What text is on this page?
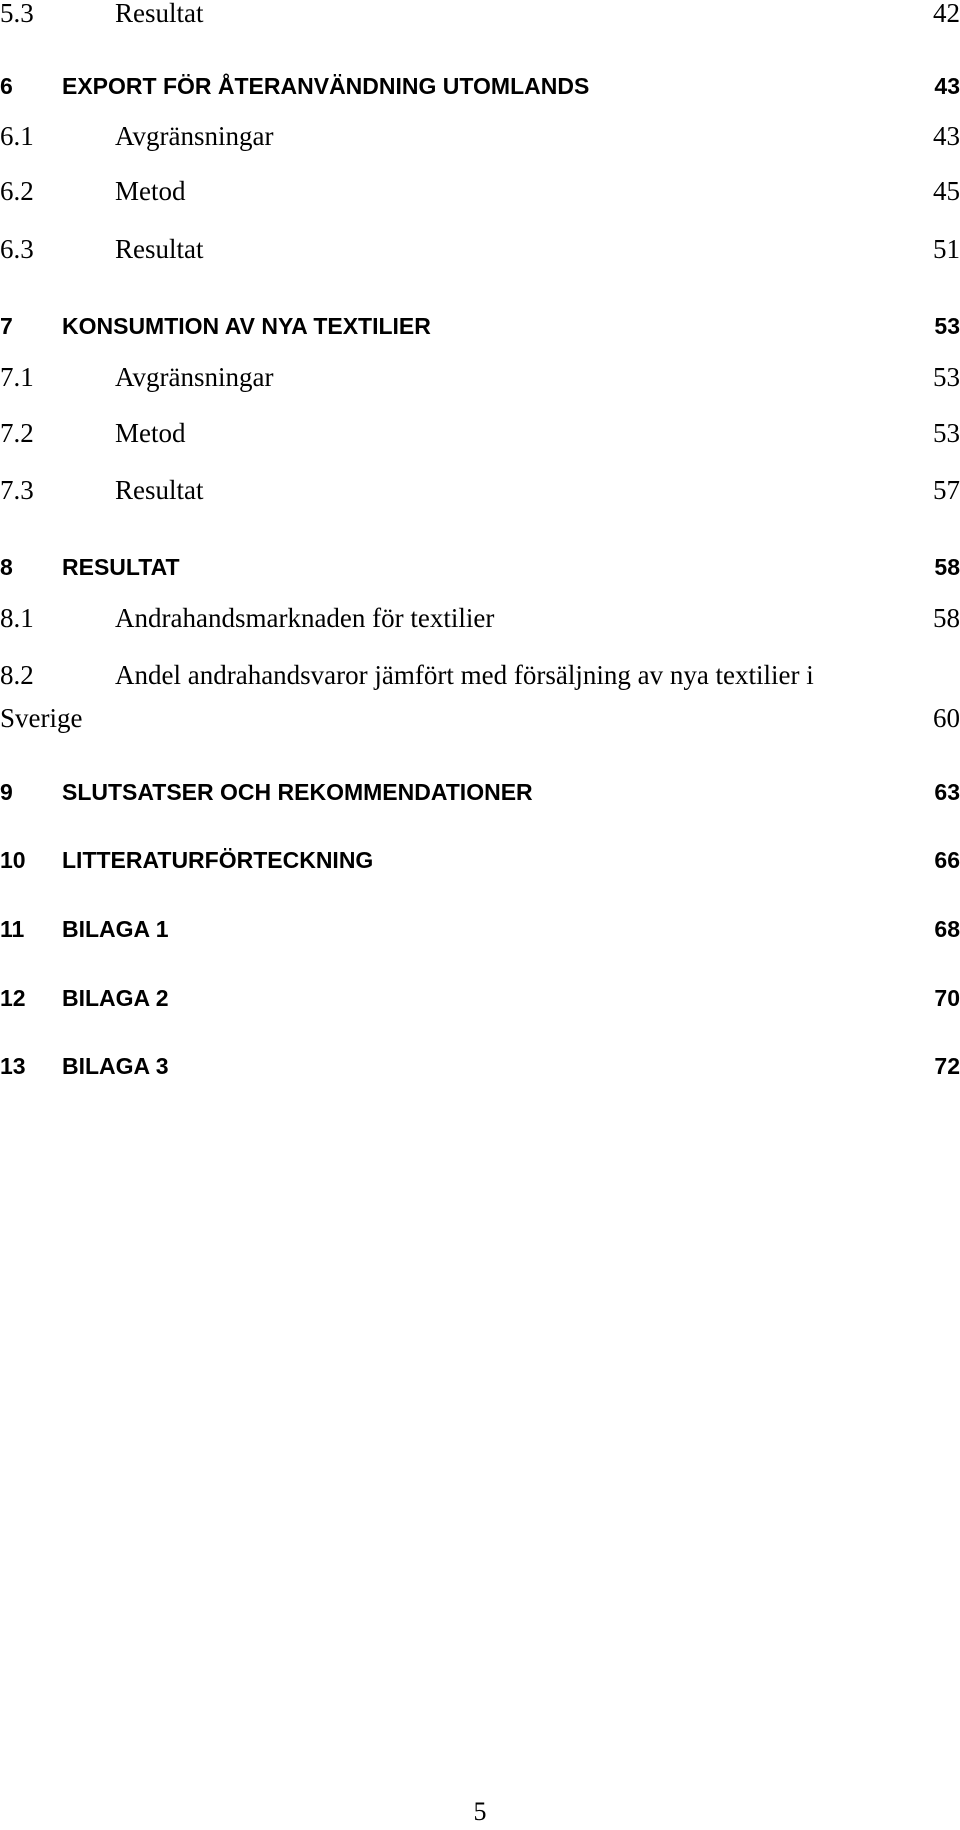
5.3	Resultat	42
6 EXPORT FÖR ÅTERANVÄNDNING UTOMLANDS	43
6.1	Avgränsningar	43
6.2	Metod	45
6.3	Resultat	51
7 KONSUMTION AV NYA TEXTILIER	53
7.1	Avgränsningar	53
7.2	Metod	53
7.3	Resultat	57
8 RESULTAT	58
8.1	Andrahandsmarknaden för textilier	58
8.2	Andel andrahandsvaror jämfört med försäljning av nya textilier i
Sverige	60
9 SLUTSATSER OCH REKOMMENDATIONER	63
10 LITTERATURFÖRTECKNING	66
11 BILAGA 1	68
12 BILAGA 2	70
13 BILAGA 3	72
5
